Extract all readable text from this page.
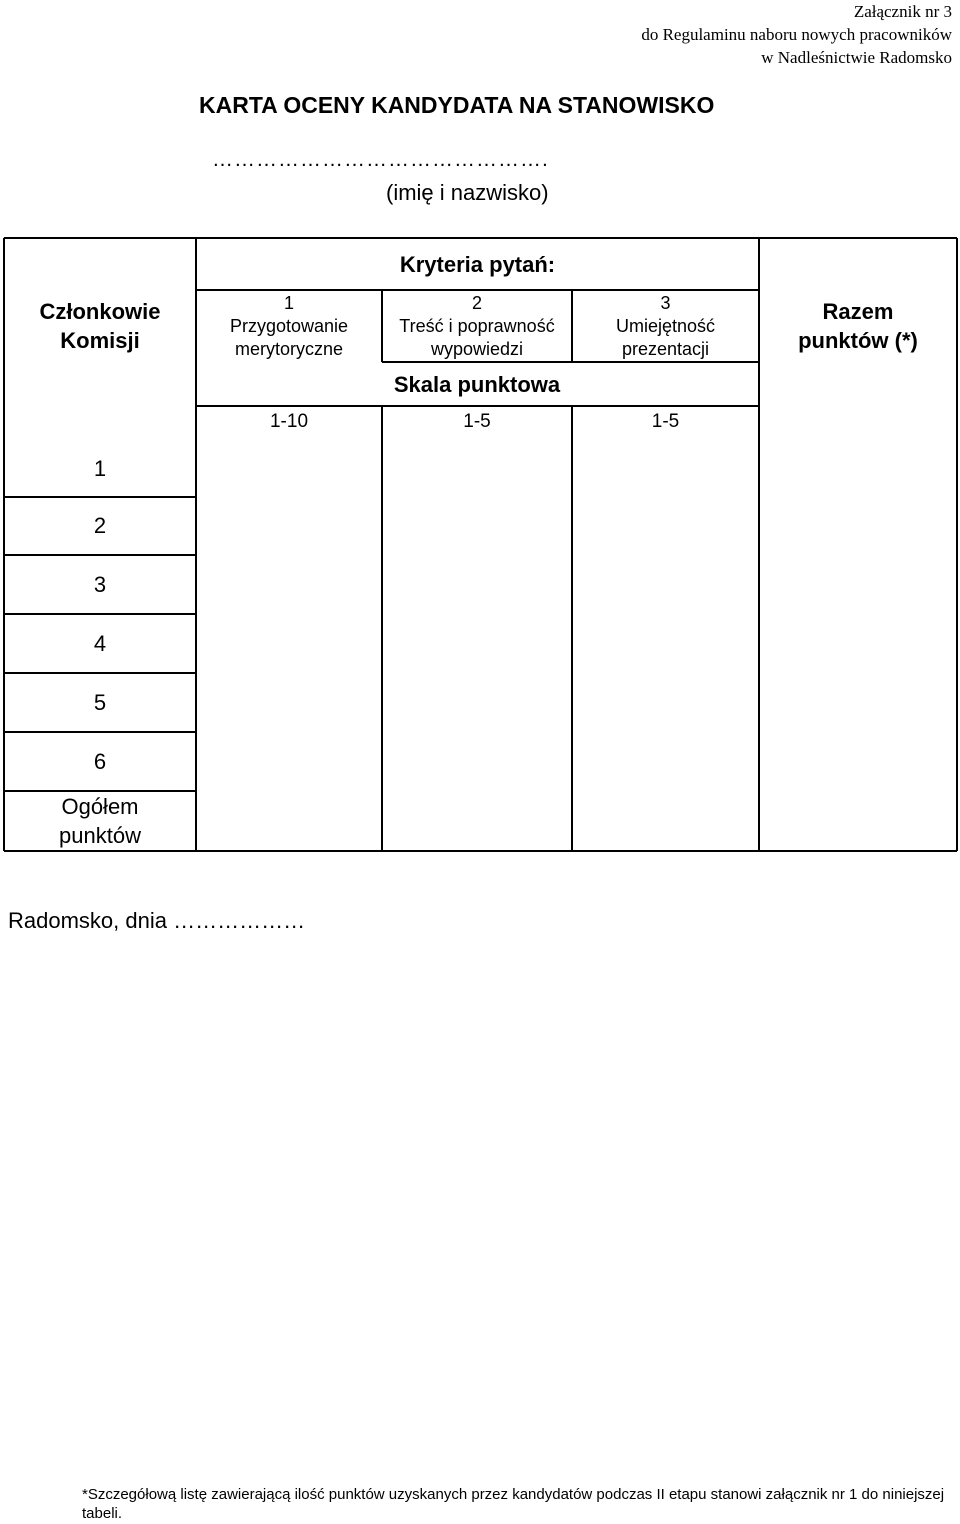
Załącznik nr 3
do Regulaminu naboru nowych pracowników
w Nadleśnictwie Radomsko
KARTA OCENY KANDYDATA NA STANOWISKO
……………………………………….
(imię i nazwisko)
Członkowie Komisji
Kryteria pytań:
1
Przygotowanie merytoryczne
2
Treść i poprawność wypowiedzi
3
Umiejętność prezentacji
Skala punktowa
Razem punktów (*)
1-10	1-5	1-5
1
2
3
4
5
6
Ogółem punktów
Radomsko, dnia ………………
*Szczegółową listę zawierającą ilość punktów uzyskanych przez kandydatów podczas II etapu stanowi załącznik nr 1 do niniejszej tabeli.
